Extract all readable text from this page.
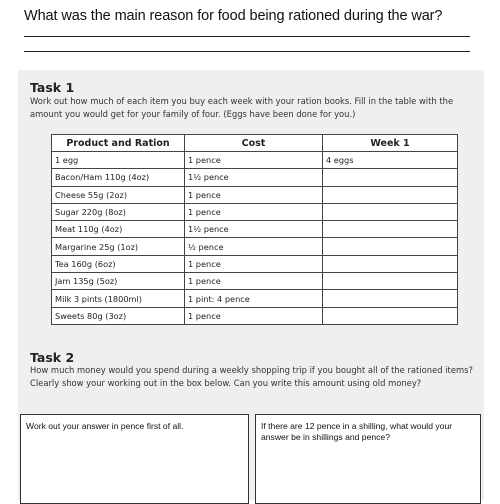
What was the main reason for food being rationed during the war?
Task 1
Work out how much of each item you buy each week with your ration books. Fill in the table with the amount you would get for your family of four. (Eggs have been done for you.)
Product and Ration	Cost	Week 1
1 egg	1 pence	4 eggs
Bacon/Ham 110g (4oz)	1½ pence	
Cheese 55g (2oz)	1 pence	
Sugar 220g (8oz)	1 pence	
Meat 110g (4oz)	1½ pence	
Margarine 25g (1oz)	½ pence	
Tea 160g (6oz)	1 pence	
Jam 135g (5oz)	1 pence	
Milk 3 pints (1800ml)	1 pint: 4 pence	
Sweets 80g (3oz)	1 pence	
Task 2
How much money would you spend during a weekly shopping trip if you bought all of the rationed items? Clearly show your working out in the box below. Can you write this amount using old money?
Work out your answer in pence first of all.	If there are 12 pence in a shilling, what would your answer be in shillings and pence?
